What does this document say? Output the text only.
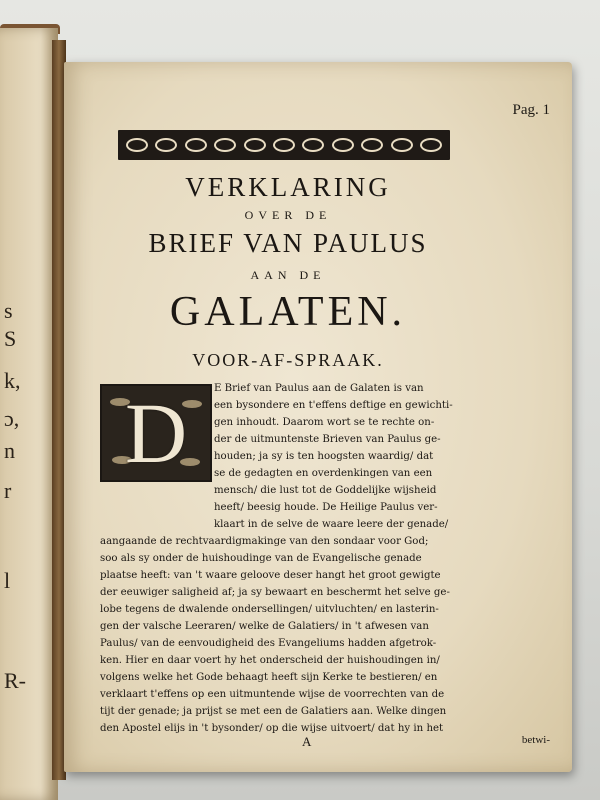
s
S
k,
ɔ,
n
r
l
R-
Pag. 1
VERKLARING
OVER DE
BRIEF VAN PAULUS
AAN DE
GALATEN.
VOOR-AF-SPRAAK.
D	E Brief van Paulus aan de Galaten is van
een bysondere en t'effens deftige en gewichti-
gen inhoudt. Daarom wort se te rechte on-
der de uitmuntenste Brieven van Paulus ge-
houden; ja sy is ten hoogsten waardig/ dat
se de gedagten en overdenkingen van een
mensch/ die lust tot de Goddelijke wijsheid
heeft/ beesig houde. De Heilige Paulus ver-
klaart in de selve de waare leere der genade/
aangaande de rechtvaardigmakinge van den sondaar voor God;
soo als sy onder de huishoudinge van de Evangelische genade
plaatse heeft: van 't waare geloove deser hangt het groot gewigte
der eeuwiger saligheid af; ja sy bewaart en beschermt het selve ge-
lobe tegens de dwalende ondersellingen/ uitvluchten/ en lasterin-
gen der valsche Leeraren/ welke de Galatiers/ in 't afwesen van
Paulus/ van de eenvoudigheid des Evangeliums hadden afgetrok-
ken. Hier en daar voert hy het onderscheid der huishoudingen in/
volgens welke het Gode behaagt heeft sijn Kerke te bestieren/ en
verklaart t'effens op een uitmuntende wijse de voorrechten van de
tijt der genade; ja prijst se met een de Galatiers aan. Welke dingen
den Apostel elijs in 't bysonder/ op die wijse uitvoert/ dat hy in het
A	betwi-
